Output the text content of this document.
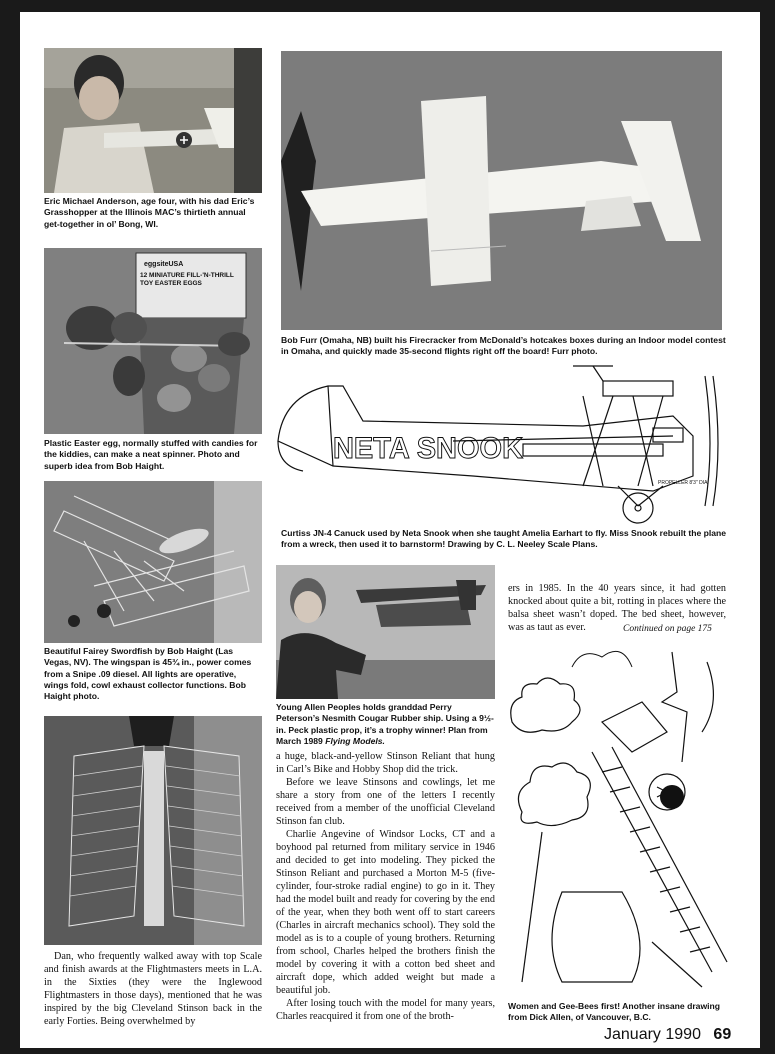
Eric Michael Anderson, age four, with his dad Eric’s Grasshopper at the Illinois MAC’s thirtieth annual get-together in ol’ Bong, WI.

Bob Furr (Omaha, NB) built his Firecracker from McDonald’s hotcakes boxes during an Indoor model contest in Omaha, and quickly made 35-second flights right off the board! Furr photo.

eggsiteUSA
12 MINIATURE FILL-'N-THRILL TOY EASTER EGGS

Plastic Easter egg, normally stuffed with candies for the kiddies, can make a neat spinner. Photo and superb idea from Bob Haight.

NETA SNOOK
PROPELLER 8'3" DIA.

Curtiss JN-4 Canuck used by Neta Snook when she taught Amelia Earhart to fly. Miss Snook rebuilt the plane from a wreck, then used it to barnstorm! Drawing by C. L. Neeley Scale Plans.

Beautiful Fairey Swordfish by Bob Haight (Las Vegas, NV). The wingspan is 45¾ in., power comes from a Snipe .09 diesel. All lights are operative, wings fold, cowl exhaust collector functions. Bob Haight photo.

Young Allen Peoples holds granddad Perry Peterson’s Nesmith Cougar Rubber ship. Using a 9½-in. Peck plastic prop, it’s a trophy winner! Plan from March 1989 Flying Models.

Dan, who frequently walked away with top Scale and finish awards at the Flightmasters meets in L.A. in the Sixties (they were the Inglewood Flightmasters in those days), mentioned that he was inspired by the big Cleveland Stinson back in the early Forties. Being overwhelmed by

a huge, black-and-yellow Stinson Reliant that hung in Carl’s Bike and Hobby Shop did the trick.

Before we leave Stinsons and cowlings, let me share a story from one of the letters I recently received from a member of the unofficial Cleveland Stinson fan club.

Charlie Angevine of Windsor Locks, CT and a boyhood pal returned from military service in 1946 and decided to get into modeling. They picked the Stinson Reliant and purchased a Morton M-5 (five-cylinder, four-stroke radial engine) to go in it. They had the model built and ready for covering by the end of the year, when they both went off to start careers (Charles in aircraft mechanics school). They sold the model as is to a couple of young brothers. Returning from school, Charles helped the brothers finish the model by covering it with a cotton bed sheet and aircraft dope, which added weight but made a beautiful job.

After losing touch with the model for many years, Charles reacquired it from one of the broth-

ers in 1985. In the 40 years since, it had gotten knocked about quite a bit, rotting in places where the balsa sheet wasn’t doped. The bed sheet, however, was as taut as ever.	Continued on page 175

Women and Gee-Bees first! Another insane drawing from Dick Allen, of Vancouver, B.C.

January 1990 69
